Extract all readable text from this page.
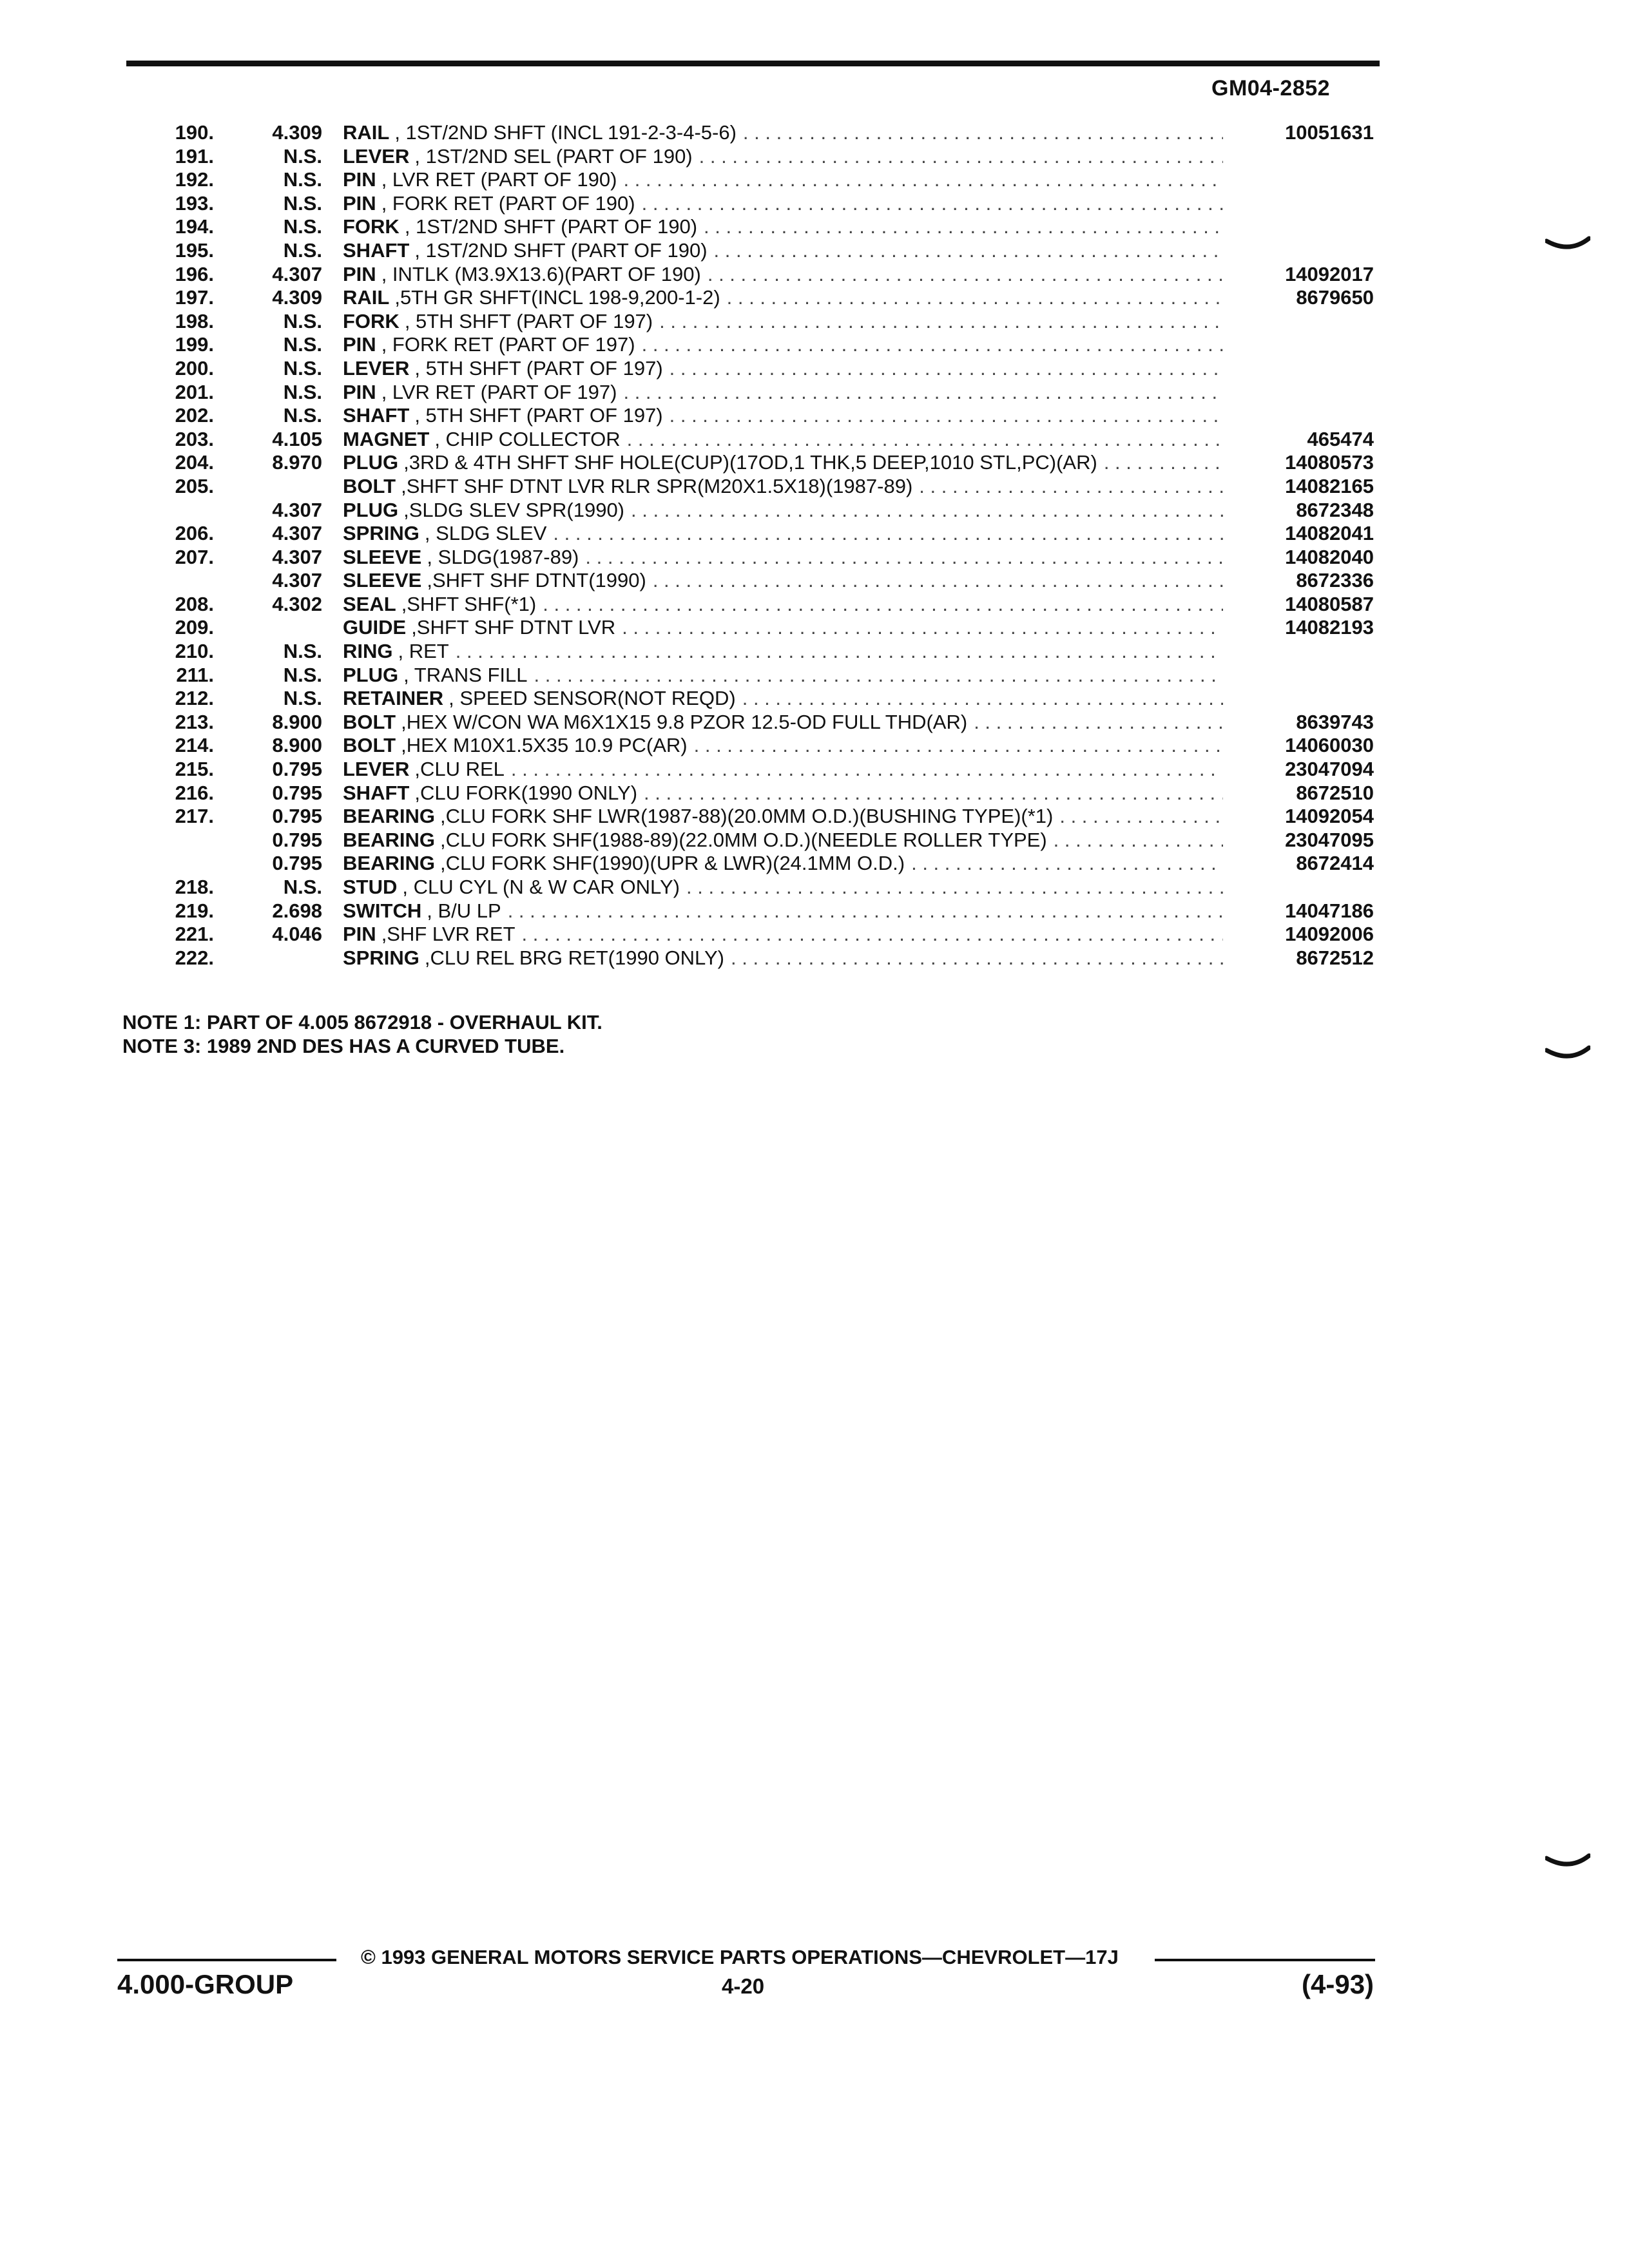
GM04-2852
190.	4.309 RAIL , 1ST/2ND SHFT (INCL 191-2-3-4-5-6) . . .	10051631
191.	N.S. LEVER , 1ST/2ND SEL (PART OF 190)
. . .
192.	N.S. PIN , LVR RET (PART OF 190)
. . .
193.	N.S. PIN , FORK RET (PART OF 190)
. . .
194.	N.S. FORK , 1ST/2ND SHFT (PART OF 190)
. . .
195.	N.S. SHAFT , 1ST/2ND SHFT (PART OF 190)
. . .
196.	4.307 PIN , INTLK (M3.9X13.6)(PART OF 190) . . .	14092017
197.	4.309 RAIL ,5TH GR SHFT(INCL 198-9,200-1-2) . . .	8679650
198.	N.S. FORK , 5TH SHFT (PART OF 197)
. . .
199.	N.S. PIN , FORK RET (PART OF 197)
. . .
200.	N.S. LEVER , 5TH SHFT (PART OF 197)
. . .
201.	N.S. PIN , LVR RET (PART OF 197)
. . .
202.	N.S. SHAFT , 5TH SHFT (PART OF 197)
. . .
203.	4.105 MAGNET , CHIP COLLECTOR . . .	465474
204.	8.970 PLUG ,3RD & 4TH SHFT SHF HOLE(CUP)(17OD,1 THK,5 DEEP,1010 STL,PC)(AR) . . .	14080573
205.	BOLT ,SHFT SHF DTNT LVR RLR SPR(M20X1.5X18)(1987-89) . . .	14082165
4.307 PLUG ,SLDG SLEV SPR(1990) . . .	8672348
206.	4.307 SPRING , SLDG SLEV . . .	14082041
207.	4.307 SLEEVE , SLDG(1987-89) . . .	14082040
4.307 SLEEVE ,SHFT SHF DTNT(1990) . . .	8672336
208.	4.302 SEAL ,SHFT SHF(*1) . . .	14080587
209.	GUIDE ,SHFT SHF DTNT LVR . . .	14082193
210.	N.S. RING , RET
. . .
211.	N.S. PLUG , TRANS FILL
. . .
212.	N.S. RETAINER , SPEED SENSOR(NOT REQD)
. . .
213.	8.900 BOLT ,HEX W/CON WA M6X1X15 9.8 PZOR 12.5-OD FULL THD(AR) . . .	8639743
214.	8.900 BOLT ,HEX M10X1.5X35 10.9 PC(AR) . . .	14060030
215.	0.795 LEVER ,CLU REL . . .	23047094
216.	0.795 SHAFT ,CLU FORK(1990 ONLY) . . .	8672510
217.	0.795 BEARING ,CLU FORK SHF LWR(1987-88)(20.0MM O.D.)(BUSHING TYPE)(*1) . . .	14092054
0.795 BEARING ,CLU FORK SHF(1988-89)(22.0MM O.D.)(NEEDLE ROLLER TYPE) . . .	23047095
0.795 BEARING ,CLU FORK SHF(1990)(UPR & LWR)(24.1MM O.D.) . . .	8672414
218.	N.S. STUD , CLU CYL (N & W CAR ONLY)
. . .
219.	2.698 SWITCH , B/U LP . . .	14047186
221.	4.046 PIN ,SHF LVR RET . . .	14092006
222.	SPRING ,CLU REL BRG RET(1990 ONLY) . . .	8672512
NOTE 1: PART OF 4.005 8672918 - OVERHAUL KIT.
NOTE 3: 1989 2ND DES HAS A CURVED TUBE.
© 1993 GENERAL MOTORS SERVICE PARTS OPERATIONS—CHEVROLET—17J
4.000-GROUP	4-20	(4-93)
